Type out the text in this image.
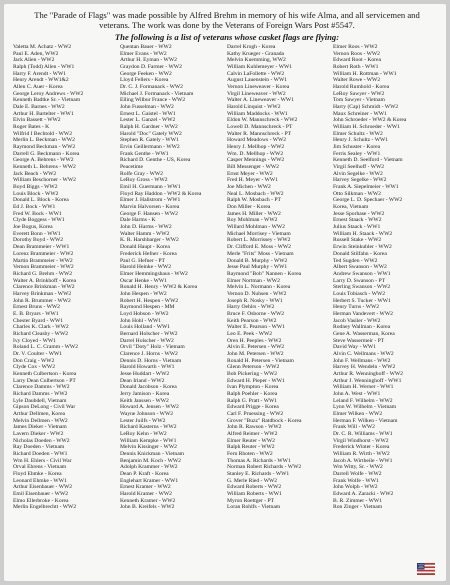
The "Parade of Flags" was made possible by Alfred Brehm in memory of his wife Alma, and all servicemen and veterans. The work was done by the Veterans of Foreign Wars Post #5547.

The following is a list of veterans whose casket flags are flying:

Valetta M. Achatz - WW2
Paul E. Aden, WW2
Jack Alien - WW2
Ralph (Todd) Allen - WW1
Harry F. Arendt - WW1
Henry Arendt - WW1&2
Allen C. Auer - Korea
George Leroy Andrews - WW2
Kenneth Badtke Sr. - Vietnam
Dale E. Barnes - WW2
Arthur H. Bartelter - WW1
Elvin Bassett - WW2
Roger Bates - K
Wilfrid I Bechtold - WW2
Merlin L. Beckman - WW2
Raymond Beckman - WW2
Darrell G. Beckmann - Korea
George A. Behrens - WW2
Kenneth L. Behrens - WW2
Jack Beach - WW2
William Beschorner - WW2
Boyd Biggs - WW2
Louis Block - WW2
Donald L. Block - Korea
Ed J. Bock - WW1
Fred W. Bock - WW1
Clyde Boggess - WW1
Joe Bogus, Korea
Everett Bonn - WW1
Dorothy Boyd - WW2
Dean Brammeier - WW1
Lorenz Brammeier - WW2
Martin Brammeier - WW2
Vernon Brammeier - WW2
Richard G. Brehm - WW2
Walter A. Brinkhoff - Korea
Clarence Brinkman - WW2
Harvey Brinkman - WW2
John R. Brummer - WW2
Ernest Bruns - WW2
E. B. Bryars - WW1
Chester Byard - WW1
Charles K. Clark - WW2
Richard Cleasby - WW2
Ivy Cloyed - WW1
Roland L. C. Cramm - WW2
Dr. V. Coulter - WW1
Don Craig - WW2
Clyde Cox - WW2
Kenneth Culbertson - Korea
Larry Dean Culbertson - PT
Clarence Damms - WW2
Richard Damms - WW2
Lyle Daubdell, Vietnam
Gipson DeLong - Civil War
Arthur Dellmen, Korea
Melvin Dellmen - WW2
James Dieker - Vietnam
Lavern Dieker - WW2
Nicholas Doeden - WW2
Ray Doeden - Vietnam
Richard Doeden - WW1
Wm H. Ehlers - Civil War
Orval Ehrens - Vietnam
Floyd Ehmke - Korea
Leonard Ehmke - WW1
Arthur Eisenbauer - WW2
Emil Eisenbauer - WW2
Elmo Ellerbroke - Korea
Merlin Engelbrechtt - WW2
Quentan Bauer - WW2
Elmer Evans - WW2
Arthur H. Eyman - WW2
Graydon D. Farmer - WW2
George Feeken - WW2
Lloyd Fellers - Korea
Dr. C. J. Formanack - WW2
Michael J. Formanack - Vietnam
Elling Wilbur France - WW2
John Fusselman - WW2
Ernest L. Gaistel - WW1
Lester L. Ganzel - WW2
Ralph H. Gardner - WW2
Harold "Doc" Gately WW2
Stephen R. Gately - WW1
Ervin Geillermann - WW2
Frank Genthe - WW1
Richard D. Genthe - US, Korea
Peacetime
Rolfe Gray - WW2
LeRoy Gross - WW2
Emil H. Guermann - WW1
Floyd Ray Haddon - WW2 & Korea
Elmer J. Hallstrom - WW1
Marvin Halvorsen - Korea
George F. Hansen - WW2
Dale Harms - K
John D. Harms - WW2
Walter Hamm - WW2
K. R. Harshbarger - WW2
Donald Haupt - Korea
Frederick Hefner - Korea
Paul G. Hefner - PT
Harold Heinke - WW2
Elmer Hemmingshaus - WW2
Oscar Henke - WW1
Ronald H. Henry - WW2 & Korea
John Hespen - WW2
Robert H. Hespen - WW2
Raymond Hespen - MM
Loyd Hobson - WW2
John Hohl - WW1
Louis Holland - WW1
Bernard Holscher - WW2
Darrel Holscher - WW2
Orvil "Doty" Holz - Vietnam
Clarence J. Horns - WW2
Dennis D. Horns - Vietnam
Harold Howarth - WW1
Jesse Huddart - WW2
Dean Irland - WW2
Donald Jacobson - Korea
Jerry Jamison - Korea
Keith Janssen - WW2
Howard A. Jensen - WW2
Wayne Johnson - WW2
Lester Juilfs - WW2
Richard Kasterns - WW2
LeRoy Kehn - WW2
William Kempke - WW1
Melvin Kissinger - WW2
Dennis Knickman - Vietnam
Benjamin M. Koch - WW2
Adolph Krammer - WW2
Dean P. Kraft - Korea
Englehart Kramer - WW1
Ernest Kramer - WW2
Harold Kramer - WW2
Kenneth Kramer - WW2
John B. Kreifels - WW2
Darrel Krogh - Korea
Kathy Krueger - Granada
Melvin Kuemming, WW2
William Kuhlemeyer - WW1
Calvin LaFollette - WW2
August Lauenstein - WW1
Vernon Lineweaver - Korea
Virgil Lineweaver - WW2
Walter A. Lineweaver - WW1
Harold Linquist - WW2
William Maddocks - WW1
Eldon W. Mannschreck - WW2
Lowell D. Mannschreck - PT
Walter R. Mannschreck - PT
Howard Meadows - WW2
Henry J. Mellhop - WW2
Wm. D. Mellhop - WW2
Casper Mennings - WW2
Bill Messenger - WW2
Ernst Meyer - WW2
Fred H. Meyer - WW1
Joe Michen - WW2
Neal L. Mosbach - WW2
Ralph W. Mosbach - PT
Don Miller - Korea
James H. Miller - WW2
Roy Mohlman - WW2
Willard Mohlman - WW2
Michael Morrisey - Vietnam
Robert L. Morrissey - WW2
Dr. Clifford E. Moss - WW2
Merle "Frits" Moss - Vietnam
Donald B. Murphy - WW2
Jesse Paul Murphy - WW1
Raymond "Bob" Nannen - Korea
Elmer Nortman - WW2
Melvin L. Normann - Korea
Vernon D. Nuhsen - WW2
Joseph R. Nosky - WW1
Harry Oehlrs - WW2
Bruce F. Osborne - WW2
Keith Pearson - WW2
Walter E. Pearson - WW1
Leo E. Peek - WW2
Oren H. Peeples - WW2
Alvin E. Petersen - WW2
John M. Petersen - WW2
Ronald H. Petersen - Vietnam
Glenn Peterson - WW2
Bob Pickering - WW2
Edward H. Pieper - WW1
Ivan Plympton - Korea
Ralph Poehler - Korea
Ralph G. Pratt - WW1
Edward Prigge - Korea
Carl F. Pruessing - WW2
Grover "Buzz" Ratdbock - Korea
John R. Rawson - WW2
Alfred Reimer - WW2
Elmer Reuter - WW2
Ralph Reuter - WW2
Fern Rhoten - WW2
Thomas A. Richards - WW1
Norman Robert Richards - WW2
Stanley E. Richards - WW1
G. Merle Ried - WW2
Edward Roberts - WW2
William Roberts - WW1
Myron Roettger - PT
Loran Rohlfs - Vietnam
Elmer Roos - WW2
Vernon Roos - WW2
Edward Root - Korea
Robert Roth - WW1
William H. Rottman - WW1
Walter Rowe - WW2
Harold Rumhold - Korea
LeRoy Sawyer - WW2
Tom Sawyer - Vietnam
Harry (Cap) Schmidt - WW2
Maux Schreiner - WW1
John Schroeder - WW2 & Korea
William H. Schroeder - WW1
Elmer Schultz - WW2
Henry J. Schultz - WW1
Jim Schuster - Korea
Ferris Sealey - WW1
Kenneth D. Seelford - Vietnam
Virgil Seelhoff - WW2
Alvin Segelke - WW2
Harvey Segelke - WW2
Frank A. Siepelmeier - WW1
Otto Silkman - WW2
George L. D. Spechaer - WW2
Korea, Vietnam
Jesse Sporhase - WW2
Ernest Staack - WW2
Julius Staack - WW1
William H. Staack - WW2
Russell Stake - WW2
Erwin Steinkuhler - WW2
Donald Stilfahn - Korea
Ted Sugden - WW2
Albert Swanson - WW2
Andrew Swanson - WW1
Larry D. Swanson - PT
Sterling Swanson - WW2
Louis Tobiasch - WW2
Herbert S. Tucker - WW1
Henry Turns - WW2
Herman Vandevert - WW2
Jacob Vasiler - WW2
Rodney Wallman - Korea
Gene A. Wasserman, Korea
Steve Wassermeir - PT
David Way - WW1
Alvin C. Wellmans - WW2
John F. Wellmans - WW2
Harvey H. Wendeln - WW2
Arthur R. Wenninghoff - WW2
Arthur J. Wenninghoff - WW1
William H. Werner - WW1
John A. West - WW1
Leland F. Wilhelm - WW2
Lynn W. Wilhelm - Vietnam
Elmer Wilken - WW2
Herman F. Wilken - Vietnam
Frank Will - WW2
Dr. C. R. Williams - WW1
Virgil Windhorst - WW2
Frederick Winter - Korea
William R. Wirth - WW2
Jacob A. Wirtheile - WW1
Wm Witty, Sr. - WW2
Darrell Wolfe - WW2
Frank Wolfe - WW1
John Wolph - WW2
Edward A. Zaracki - WW2
B. R. Zimmer - WW1
Ron Zinger - Vietnam
